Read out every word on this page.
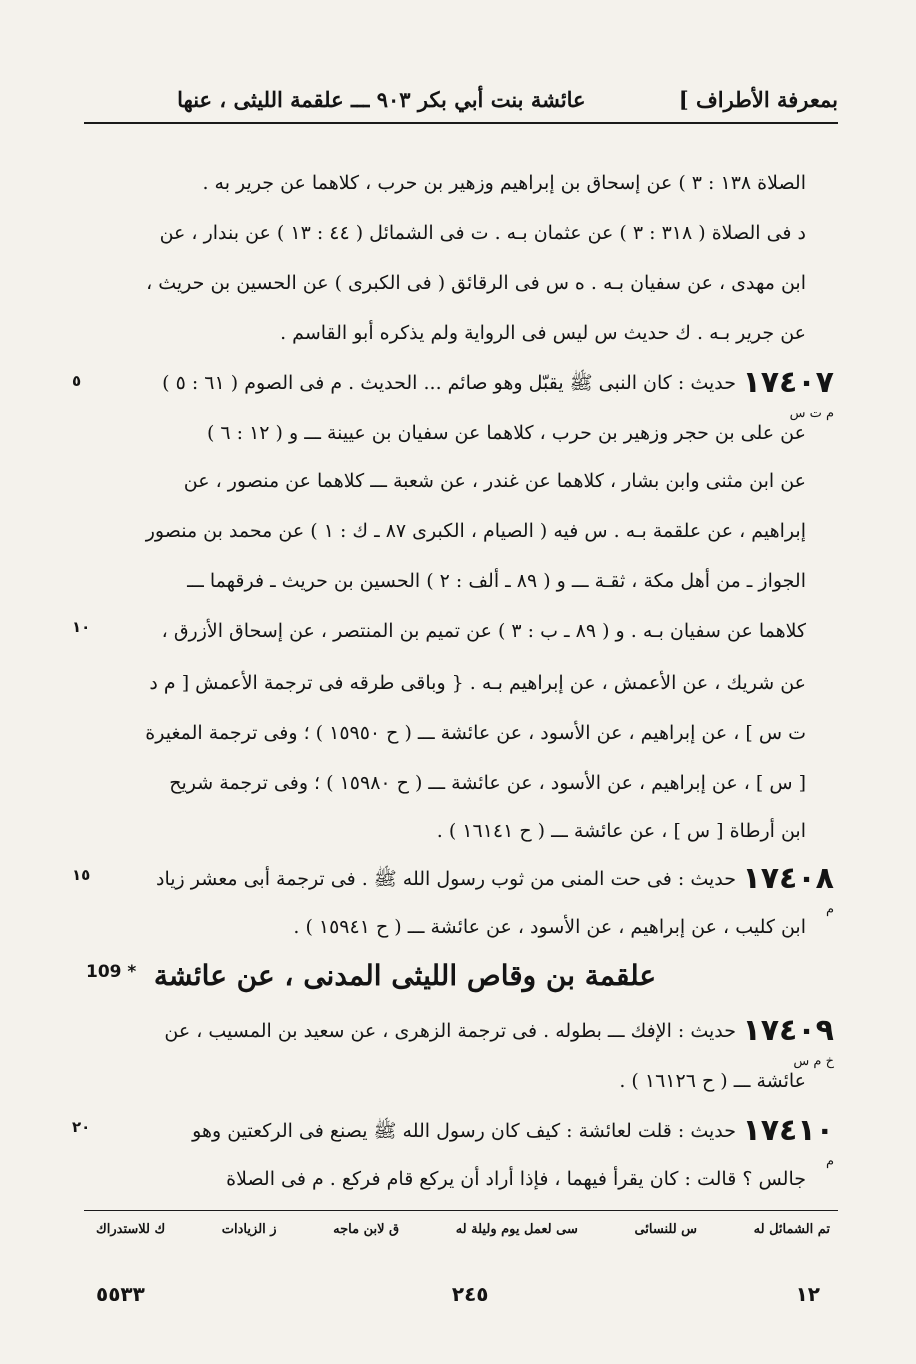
بمعرفة الأطراف ]
عائشة بنت أبي بكر ٩٠٣ ـــ علقمة الليثى ، عنها
الصلاة ١٣٨ : ٣ ) عن إسحاق بن إبراهيم وزهير بن حرب ، كلاهما عن جرير به .
د فى الصلاة ( ٣١٨ : ٣ ) عن عثمان بـه . ت فى الشمائل ( ٤٤ : ١٣ ) عن بندار ، عن
ابن مهدى ، عن سفيان بـه . ه س فى الرقائق ( فى الكبرى ) عن الحسين بن حريث ،
عن جرير بـه . ك حديث س ليس فى الرواية ولم يذكره أبو القاسم .
١٧٤٠٧
م ت س
٥	حديث : كان النبى ﷺ يقبّل وهو صائم ... الحديث . م فى الصوم ( ٦١ : ٥ )
عن على بن حجر وزهير بن حرب ، كلاهما عن سفيان بن عيينة ـــ و ( ١٢ : ٦ )
عن ابن مثنى وابن بشار ، كلاهما عن غندر ، عن شعبة ـــ كلاهما عن منصور ، عن
إبراهيم ، عن علقمة بـه . س فيه ( الصيام ، الكبرى ٨٧ ـ ك : ١ ) عن محمد بن منصور
الجواز ـ من أهل مكة ، ثقـة ـــ و ( ٨٩ ـ ألف : ٢ ) الحسين بن حريث ـ فرقهما ـــ
١٠	كلاهما عن سفيان بـه . و ( ٨٩ ـ ب : ٣ ) عن تميم بن المنتصر ، عن إسحاق الأزرق ،
عن شريك ، عن الأعمش ، عن إبراهيم بـه . { وباقى طرقه فى ترجمة الأعمش [ م د
ت س ] ، عن إبراهيم ، عن الأسود ، عن عائشة ـــ ( ح ١٥٩٥٠ ) ؛ وفى ترجمة المغيرة
[ س ] ، عن إبراهيم ، عن الأسود ، عن عائشة ـــ ( ح ١٥٩٨٠ ) ؛ وفى ترجمة شريح
ابن أرطاة [ س ] ، عن عائشة ـــ ( ح ١٦١٤١ ) .
١٧٤٠٨
م
١٥	حديث : فى حت المنى من ثوب رسول الله ﷺ . فى ترجمة أبى معشر زياد
ابن كليب ، عن إبراهيم ، عن الأسود ، عن عائشة ـــ ( ح ١٥٩٤١ ) .
109 * علقمة بن وقاص الليثى المدنى ، عن عائشة
١٧٤٠٩
خ م س
حديث : الإفك ـــ بطوله . فى ترجمة الزهرى ، عن سعيد بن المسيب ، عن
عائشة ـــ ( ح ١٦١٢٦ ) .
١٧٤١٠
م
٢٠	حديث : قلت لعائشة : كيف كان رسول الله ﷺ يصنع فى الركعتين وهو
جالس ؟ قالت : كان يقرأ فيهما ، فإذا أراد أن يركع قام فركع . م فى الصلاة
تم الشمائل له
س للنسائى
سى لعمل يوم وليلة له
ق لابن ماجه
ز الزيادات
ك للاستدراك
١٢
٢٤٥
٥٥٣٣
